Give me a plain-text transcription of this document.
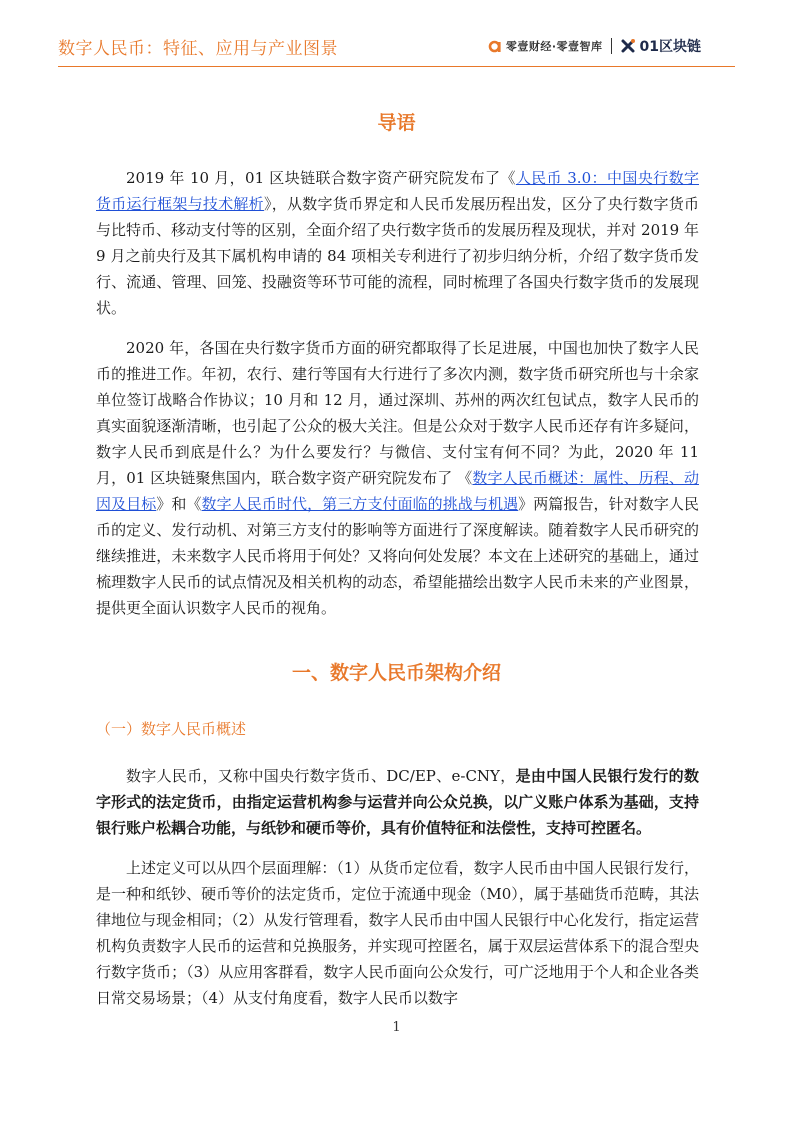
数字人民币：特征、应用与产业图景	零壹财经·零壹智库	01区块链
导语
2019 年 10 月，01 区块链联合数字资产研究院发布了《人民币 3.0：中国央行数字货币运行框架与技术解析》，从数字货币界定和人民币发展历程出发，区分了央行数字货币与比特币、移动支付等的区别，全面介绍了央行数字货币的发展历程及现状，并对 2019 年 9 月之前央行及其下属机构申请的 84 项相关专利进行了初步归纳分析，介绍了数字货币发行、流通、管理、回笼、投融资等环节可能的流程，同时梳理了各国央行数字货币的发展现状。
2020 年，各国在央行数字货币方面的研究都取得了长足进展，中国也加快了数字人民币的推进工作。年初，农行、建行等国有大行进行了多次内测，数字货币研究所也与十余家单位签订战略合作协议；10 月和 12 月，通过深圳、苏州的两次红包试点，数字人民币的真实面貌逐渐清晰，也引起了公众的极大关注。但是公众对于数字人民币还存有许多疑问，数字人民币到底是什么？为什么要发行？与微信、支付宝有何不同？为此，2020 年 11 月，01 区块链聚焦国内，联合数字资产研究院发布了 《数字人民币概述：属性、历程、动因及目标》和《数字人民币时代，第三方支付面临的挑战与机遇》两篇报告，针对数字人民币的定义、发行动机、对第三方支付的影响等方面进行了深度解读。随着数字人民币研究的继续推进，未来数字人民币将用于何处？又将向何处发展？本文在上述研究的基础上，通过梳理数字人民币的试点情况及相关机构的动态，希望能描绘出数字人民币未来的产业图景，提供更全面认识数字人民币的视角。
一、数字人民币架构介绍
（一）数字人民币概述
数字人民币，又称中国央行数字货币、DC/EP、e-CNY，是由中国人民银行发行的数字形式的法定货币，由指定运营机构参与运营并向公众兑换，以广义账户体系为基础，支持银行账户松耦合功能，与纸钞和硬币等价，具有价值特征和法偿性，支持可控匿名。
上述定义可以从四个层面理解：（1）从货币定位看，数字人民币由中国人民银行发行，是一种和纸钞、硬币等价的法定货币，定位于流通中现金（M0），属于基础货币范畴，其法律地位与现金相同；（2）从发行管理看，数字人民币由中国人民银行中心化发行，指定运营机构负责数字人民币的运营和兑换服务，并实现可控匿名，属于双层运营体系下的混合型央行数字货币；（3）从应用客群看，数字人民币面向公众发行，可广泛地用于个人和企业各类日常交易场景；（4）从支付角度看，数字人民币以数字
1
